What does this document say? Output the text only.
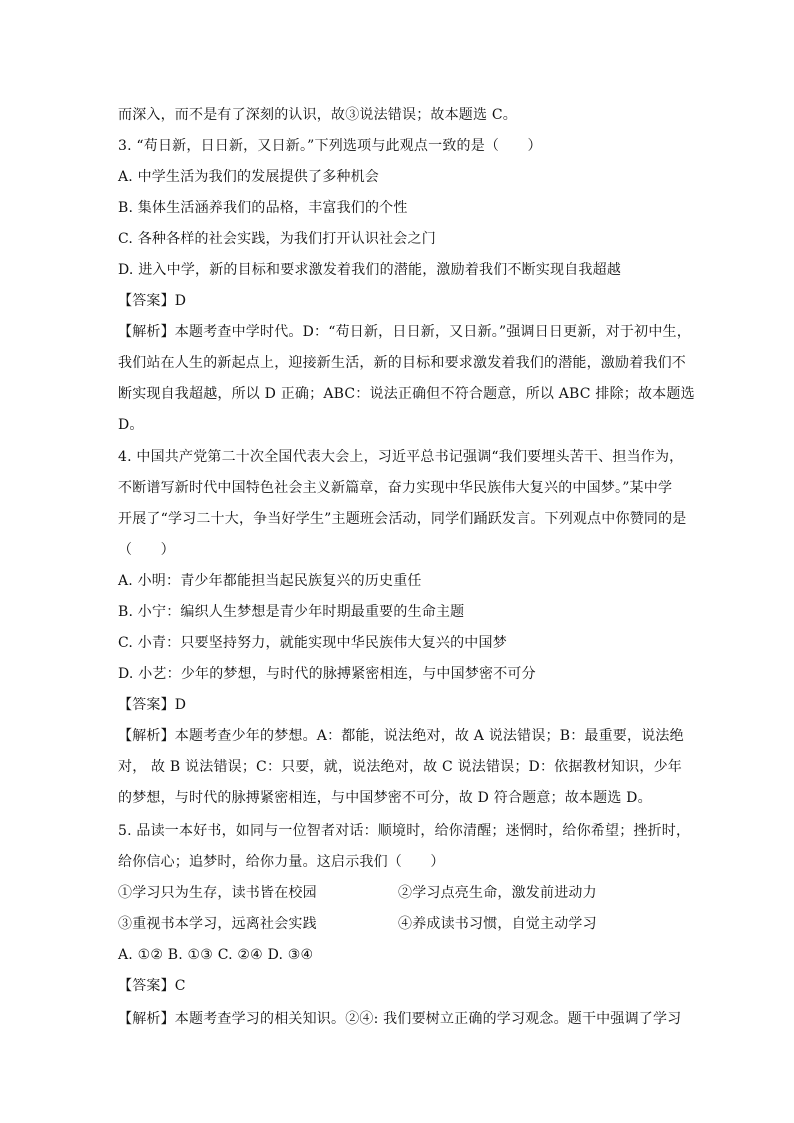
而深入，而不是有了深刻的认识，故③说法错误；故本题选 C。
3. “苟日新，日日新，又日新。”下列选项与此观点一致的是（　　）
A. 中学生活为我们的发展提供了多种机会
B. 集体生活涵养我们的品格，丰富我们的个性
C. 各种各样的社会实践，为我们打开认识社会之门
D. 进入中学，新的目标和要求激发着我们的潜能，激励着我们不断实现自我超越
【答案】D
【解析】本题考查中学时代。D：“苟日新，日日新，又日新。”强调日日更新，对于初中生，
我们站在人生的新起点上，迎接新生活，新的目标和要求激发着我们的潜能，激励着我们不
断实现自我超越，所以 D 正确；ABC：说法正确但不符合题意，所以 ABC 排除；故本题选
D。
4. 中国共产党第二十次全国代表大会上，习近平总书记强调“我们要埋头苦干、担当作为，
不断谱写新时代中国特色社会主义新篇章，奋力实现中华民族伟大复兴的中国梦。”某中学
开展了“学习二十大，争当好学生”主题班会活动，同学们踊跃发言。下列观点中你赞同的是
（　　）
A. 小明：青少年都能担当起民族复兴的历史重任
B. 小宁：编织人生梦想是青少年时期最重要的生命主题
C. 小青：只要坚持努力，就能实现中华民族伟大复兴的中国梦
D. 小艺：少年的梦想，与时代的脉搏紧密相连，与中国梦密不可分
【答案】D
【解析】本题考查少年的梦想。A：都能，说法绝对，故 A 说法错误；B：最重要，说法绝
对， 故 B 说法错误；C：只要，就，说法绝对，故 C 说法错误；D：依据教材知识，少年
的梦想，与时代的脉搏紧密相连，与中国梦密不可分，故 D 符合题意；故本题选 D。
5. 品读一本好书，如同与一位智者对话：顺境时，给你清醒；迷惘时，给你希望；挫折时，
给你信心；追梦时，给你力量。这启示我们（　　）
①学习只为生存，读书皆在校园	②学习点亮生命，激发前进动力
③重视书本学习，远离社会实践	④养成读书习惯，自觉主动学习
A. ①② B. ①③ C. ②④ D. ③④
【答案】C
【解析】本题考查学习的相关知识。②④: 我们要树立正确的学习观念。题干中强调了学习
